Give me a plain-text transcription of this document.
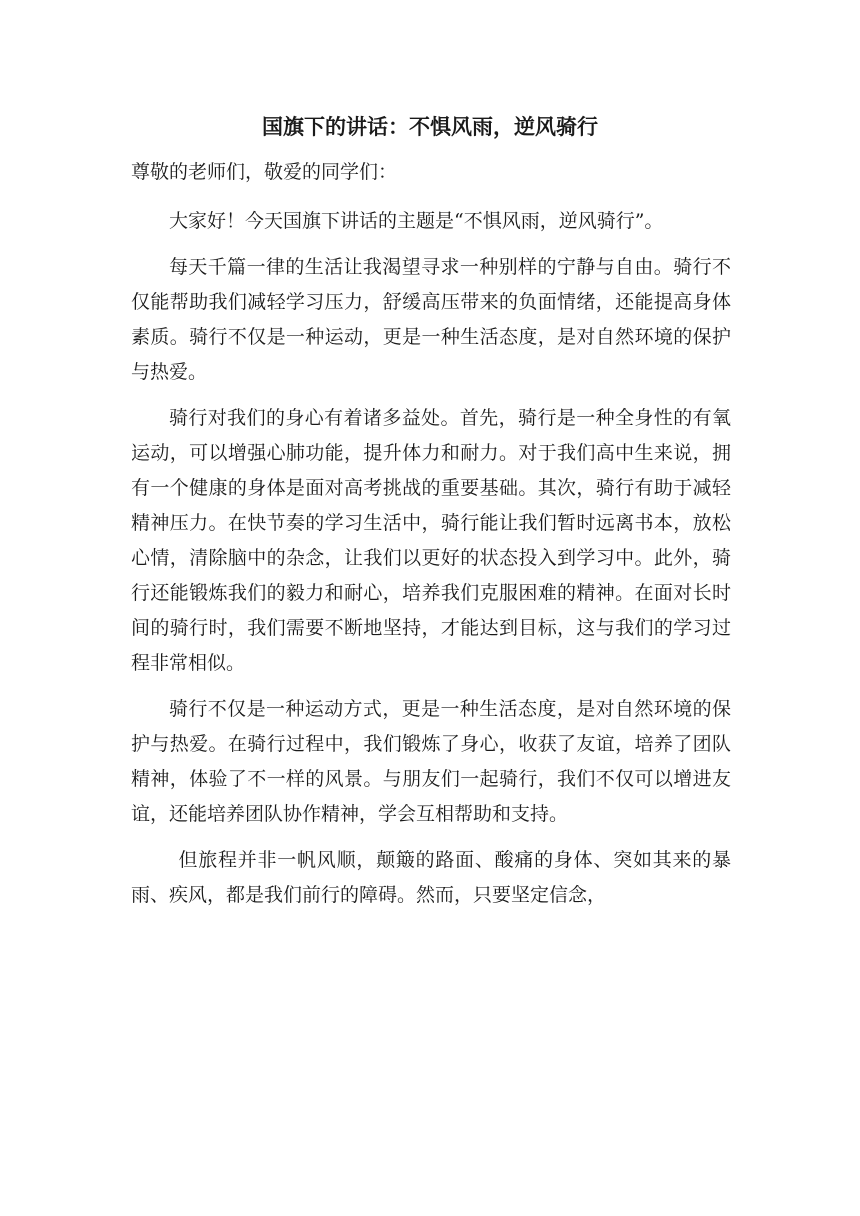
国旗下的讲话：不惧风雨，逆风骑行
尊敬的老师们，敬爱的同学们：

大家好！今天国旗下讲话的主题是“不惧风雨，逆风骑行”。

每天千篇一律的生活让我渴望寻求一种别样的宁静与自由。骑行不仅能帮助我们减轻学习压力，舒缓高压带来的负面情绪，还能提高身体素质。骑行不仅是一种运动，更是一种生活态度，是对自然环境的保护与热爱。

骑行对我们的身心有着诸多益处。首先，骑行是一种全身性的有氧运动，可以增强心肺功能，提升体力和耐力。对于我们高中生来说，拥有一个健康的身体是面对高考挑战的重要基础。其次，骑行有助于减轻精神压力。在快节奏的学习生活中，骑行能让我们暂时远离书本，放松心情，清除脑中的杂念，让我们以更好的状态投入到学习中。此外，骑行还能锻炼我们的毅力和耐心，培养我们克服困难的精神。在面对长时间的骑行时，我们需要不断地坚持，才能达到目标，这与我们的学习过程非常相似。

骑行不仅是一种运动方式，更是一种生活态度，是对自然环境的保护与热爱。在骑行过程中，我们锻炼了身心，收获了友谊，培养了团队精神，体验了不一样的风景。与朋友们一起骑行，我们不仅可以增进友谊，还能培养团队协作精神，学会互相帮助和支持。

但旅程并非一帆风顺，颠簸的路面、酸痛的身体、突如其来的暴雨、疾风，都是我们前行的障碍。然而，只要坚定信念，
